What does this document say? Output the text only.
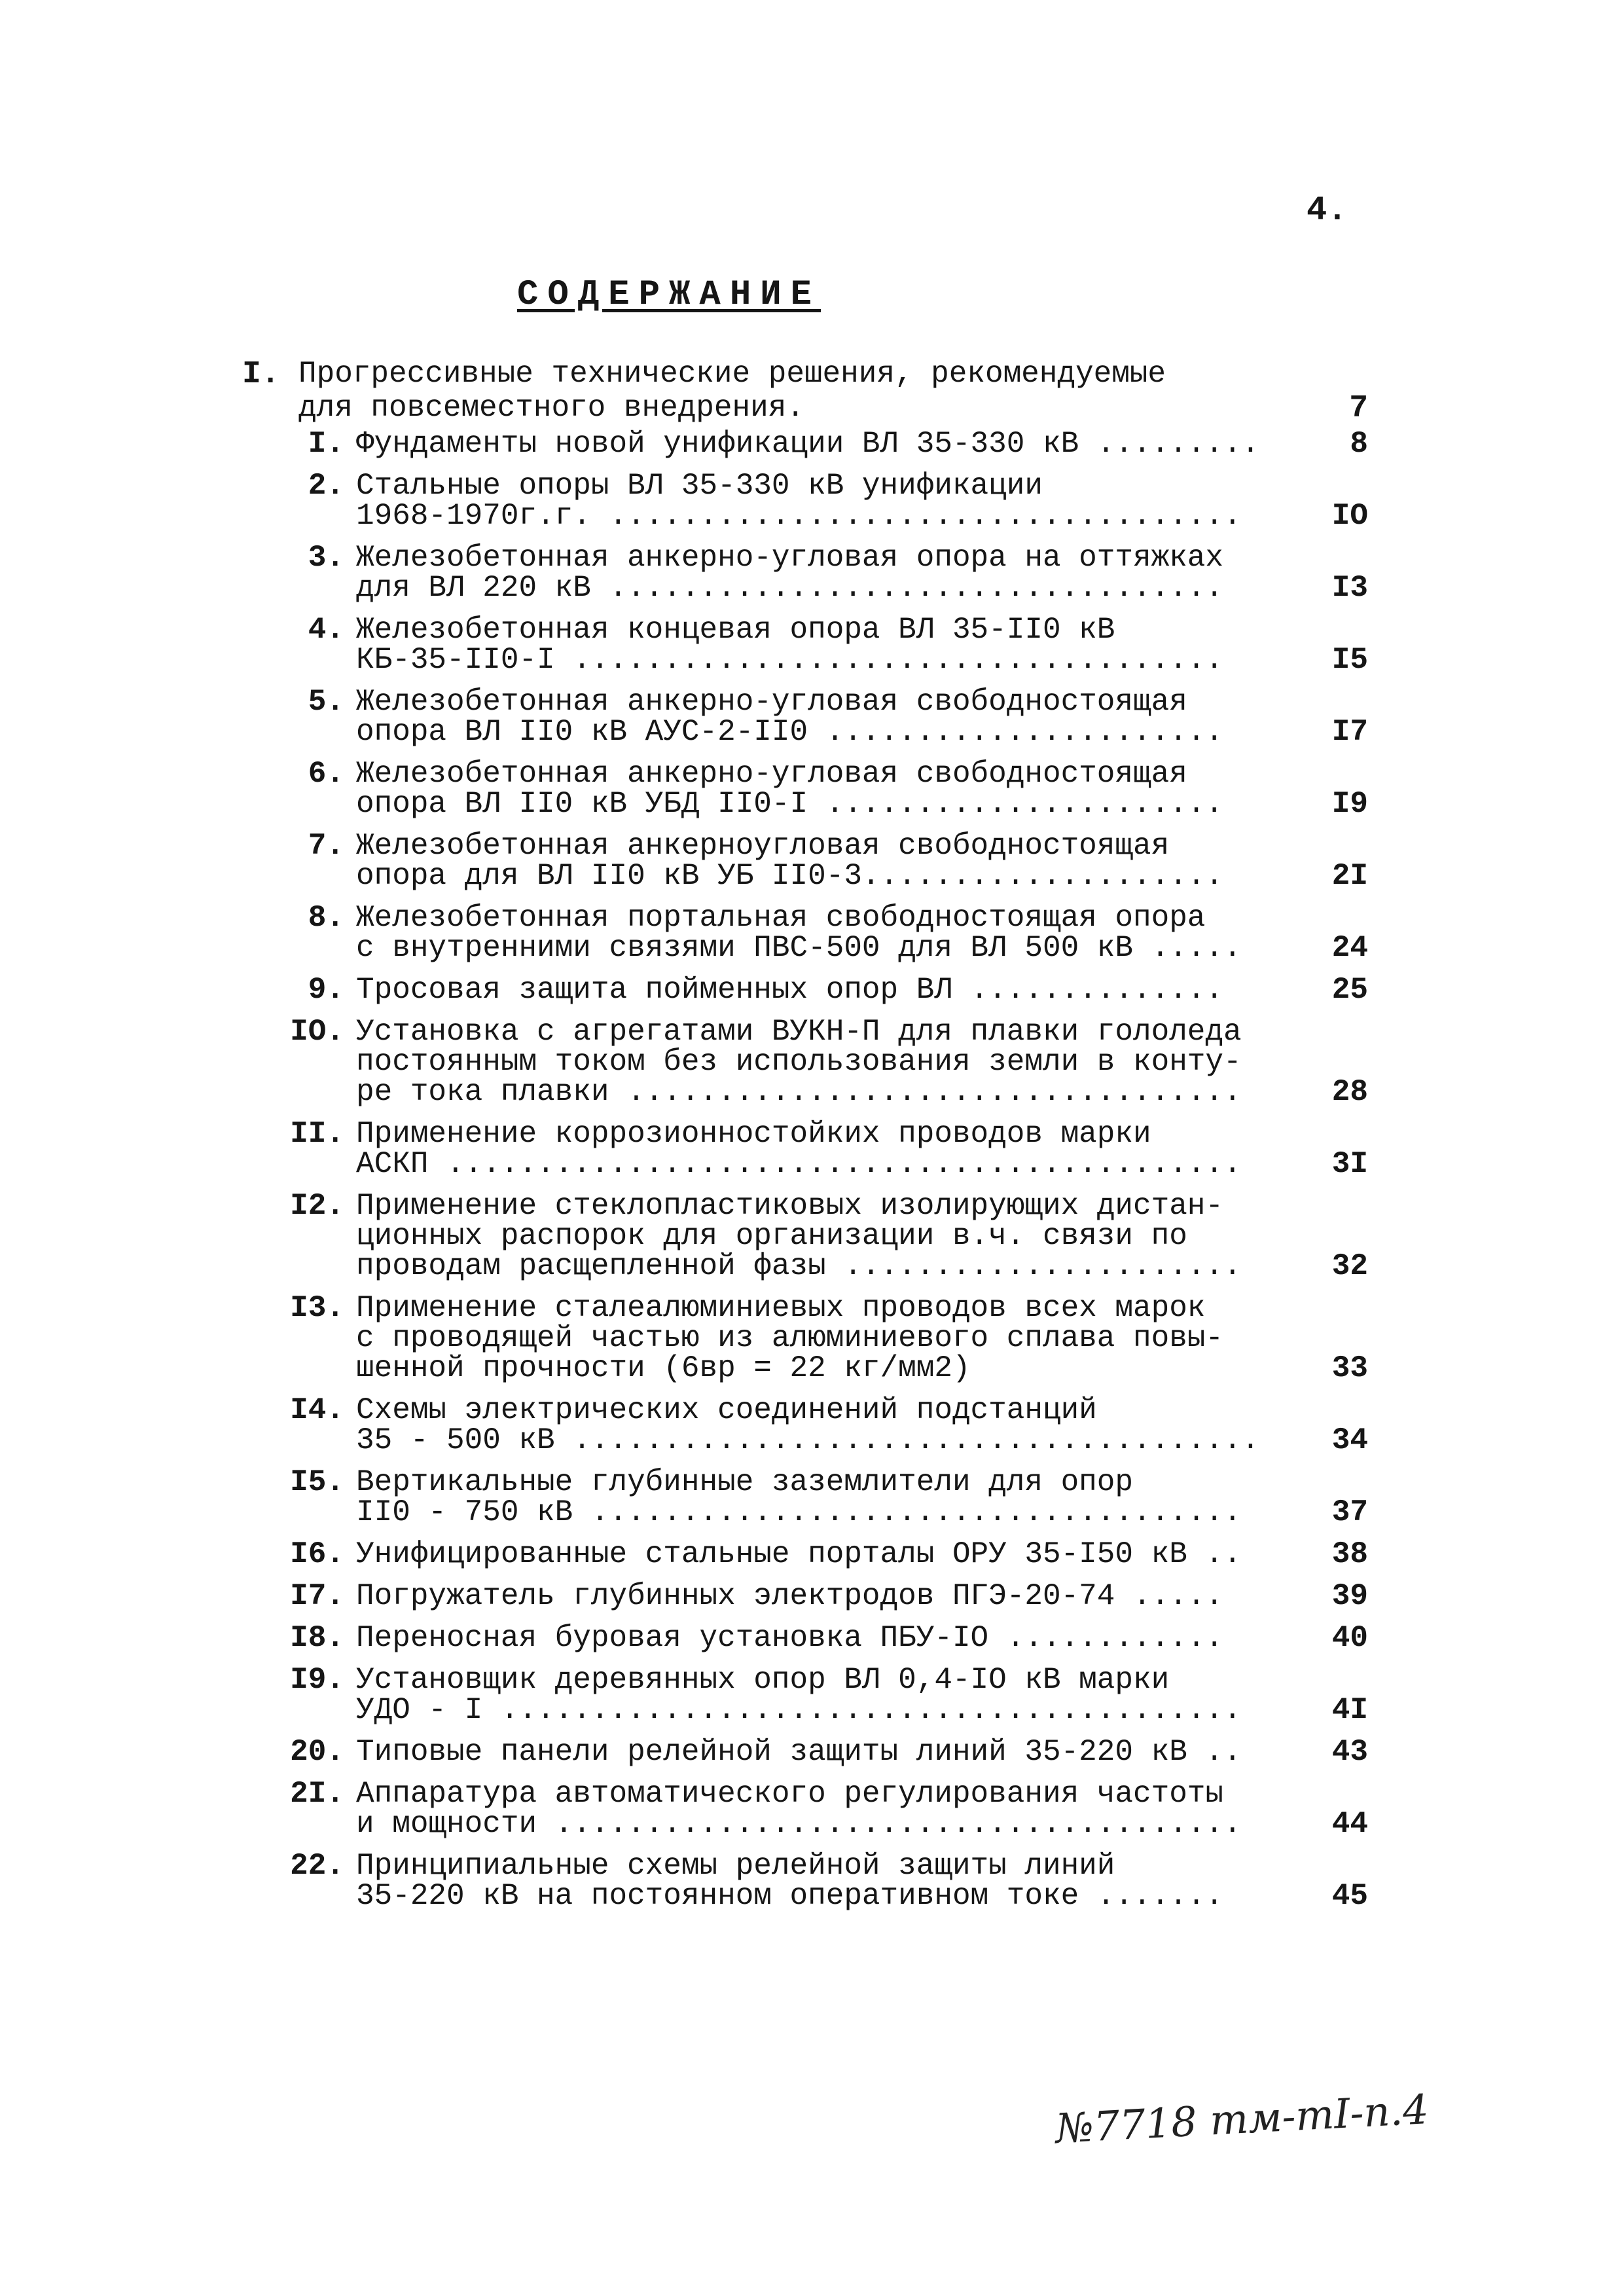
4.
СОДЕРЖАНИЕ
I. Прогрессивные технические решения, рекомендуемые
для повсеместного внедрения.	7
I. Фундаменты новой унификации ВЛ 35-330 кВ .........	8
2. Стальные опоры ВЛ 35-330 кВ унификации
1968-1970г.г. ...................................	IO
3. Железобетонная анкерно-угловая опора на оттяжках
для ВЛ 220 кВ ..................................	I3
4. Железобетонная концевая опора ВЛ 35-II0 кВ
КБ-35-II0-I ....................................	I5
5. Железобетонная анкерно-угловая свободностоящая
опора ВЛ II0 кВ АУС-2-II0 ......................	I7
6. Железобетонная анкерно-угловая свободностоящая
опора ВЛ II0 кВ УБД II0-I ......................	I9
7. Железобетонная анкерноугловая свободностоящая
опора для ВЛ II0 кВ УБ II0-3....................	2I
8. Железобетонная портальная свободностоящая опора
с внутренними связями ПВС-500 для ВЛ 500 кВ .....	24
9. Тросовая защита пойменных опор ВЛ ..............	25
IO. Установка с агрегатами ВУКН-П для плавки гололеда
постоянным током без использования земли в конту-
ре тока плавки ..................................	28
II. Применение коррозионностойких проводов марки
АСКП ............................................	3I
I2. Применение стеклопластиковых изолирующих дистан-
ционных распорок для организации в.ч. связи по
проводам расщепленной фазы ......................	32
I3. Применение сталеалюминиевых проводов всех марок
с проводящей частью из алюминиевого сплава повы-
шенной прочности (6вр = 22 кг/мм2)	33
I4. Схемы электрических соединений подстанций
35 - 500 кВ ......................................	34
I5. Вертикальные глубинные заземлители для опор
II0 - 750 кВ ....................................	37
I6. Унифицированные стальные порталы ОРУ 35-I50 кВ ..	38
I7. Погружатель глубинных электродов ПГЭ-20-74 .....	39
I8. Переносная буровая установка ПБУ-IO ............	40
I9. Установщик деревянных опор ВЛ 0,4-IO кВ марки
УДО - I .........................................	4I
20. Типовые панели релейной защиты линий 35-220 кВ ..	43
2I. Аппаратура автоматического регулирования частоты
и мощности ......................................	44
22. Принципиальные схемы релейной защиты линий
35-220 кВ на постоянном оперативном токе .......	45
№7718 тм-тI-п.4
